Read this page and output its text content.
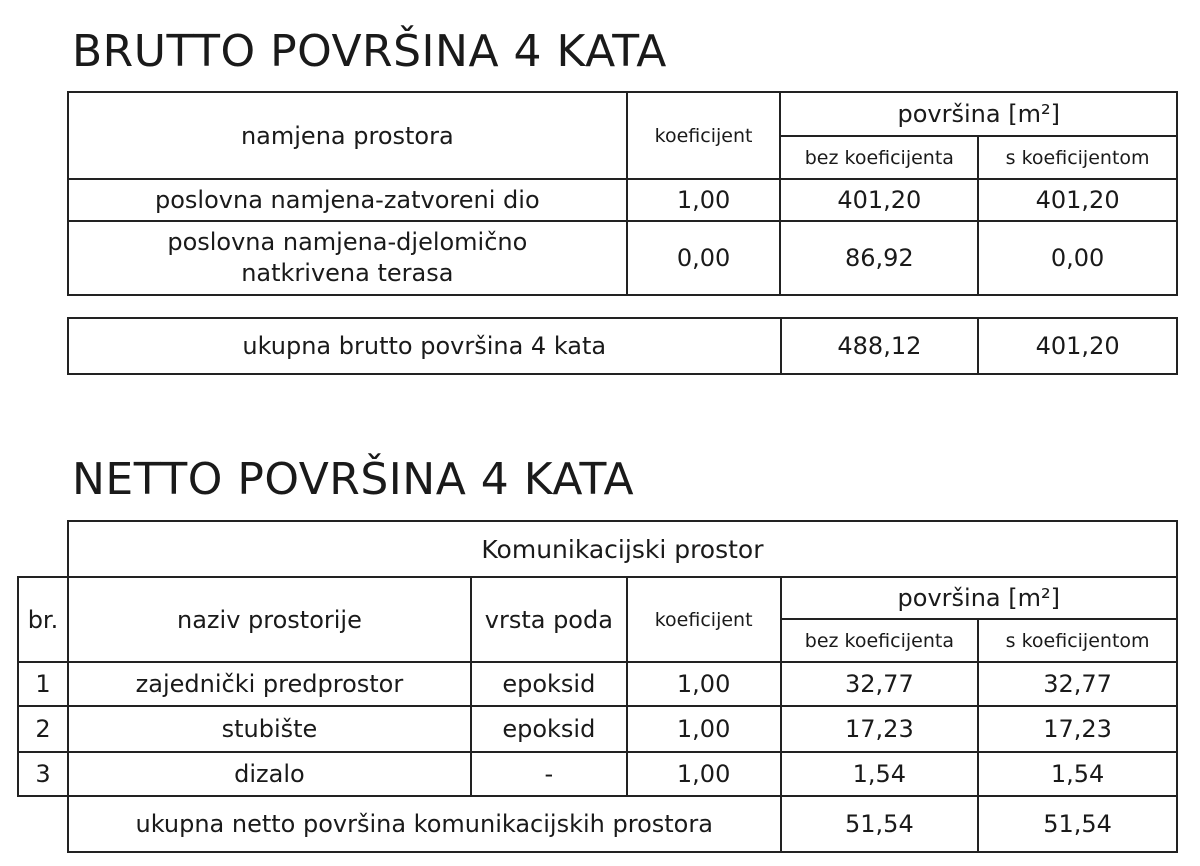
BRUTTO POVRŠINA 4 KATA
namjena prostora	koeficijent	površina [m²]	
		bez koeficijenta	s koeficijentom
poslovna namjena-zatvoreni dio	1,00	401,20	401,20

poslovna namjena-djelomično
natkrivena terasa	0,00	86,92	0,00
ukupna brutto površina 4 kata	488,12	401,20
NETTO POVRŠINA 4 KATA
	Komunikacijski prostor				
br.	naziv prostorije	vrsta poda	koeficijent	površina [m²]	
				bez koeficijenta	s koeficijentom
1	zajednički predprostor	epoksid	1,00	32,77	32,77
2	stubište	epoksid	1,00	17,23	17,23
3	dizalo	-	1,00	1,54	1,54
	ukupna netto površina komunikacijskih prostora			51,54	51,54
